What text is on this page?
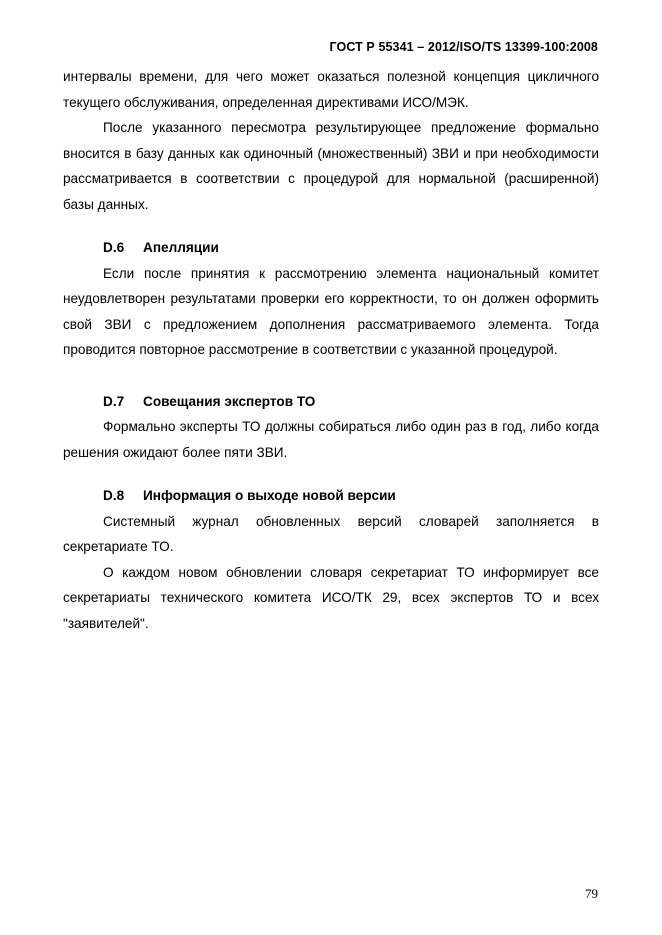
ГОСТ Р 55341 – 2012/ISO/TS 13399-100:2008

интервалы времени, для чего может оказаться полезной концепция цикличного текущего обслуживания, определенная директивами ИСО/МЭК.

После указанного пересмотра результирующее предложение формально вносится в базу данных как одиночный (множественный) ЗВИ и при необходимости рассматривается в соответствии с процедурой для нормальной (расширенной) базы данных.

D.6 Апелляции

Если после принятия к рассмотрению элемента национальный комитет неудовлетворен результатами проверки его корректности, то он должен оформить свой ЗВИ с предложением дополнения рассматриваемого элемента. Тогда проводится повторное рассмотрение в соответствии с указанной процедурой.

D.7 Совещания экспертов ТО

Формально эксперты ТО должны собираться либо один раз в год, либо когда решения ожидают более пяти ЗВИ.

D.8 Информация о выходе новой версии

Системный журнал обновленных версий словарей заполняется в секретариате ТО.

О каждом новом обновлении словаря секретариат ТО информирует все секретариаты технического комитета ИСО/ТК 29, всех экспертов ТО и всех "заявителей".

79
